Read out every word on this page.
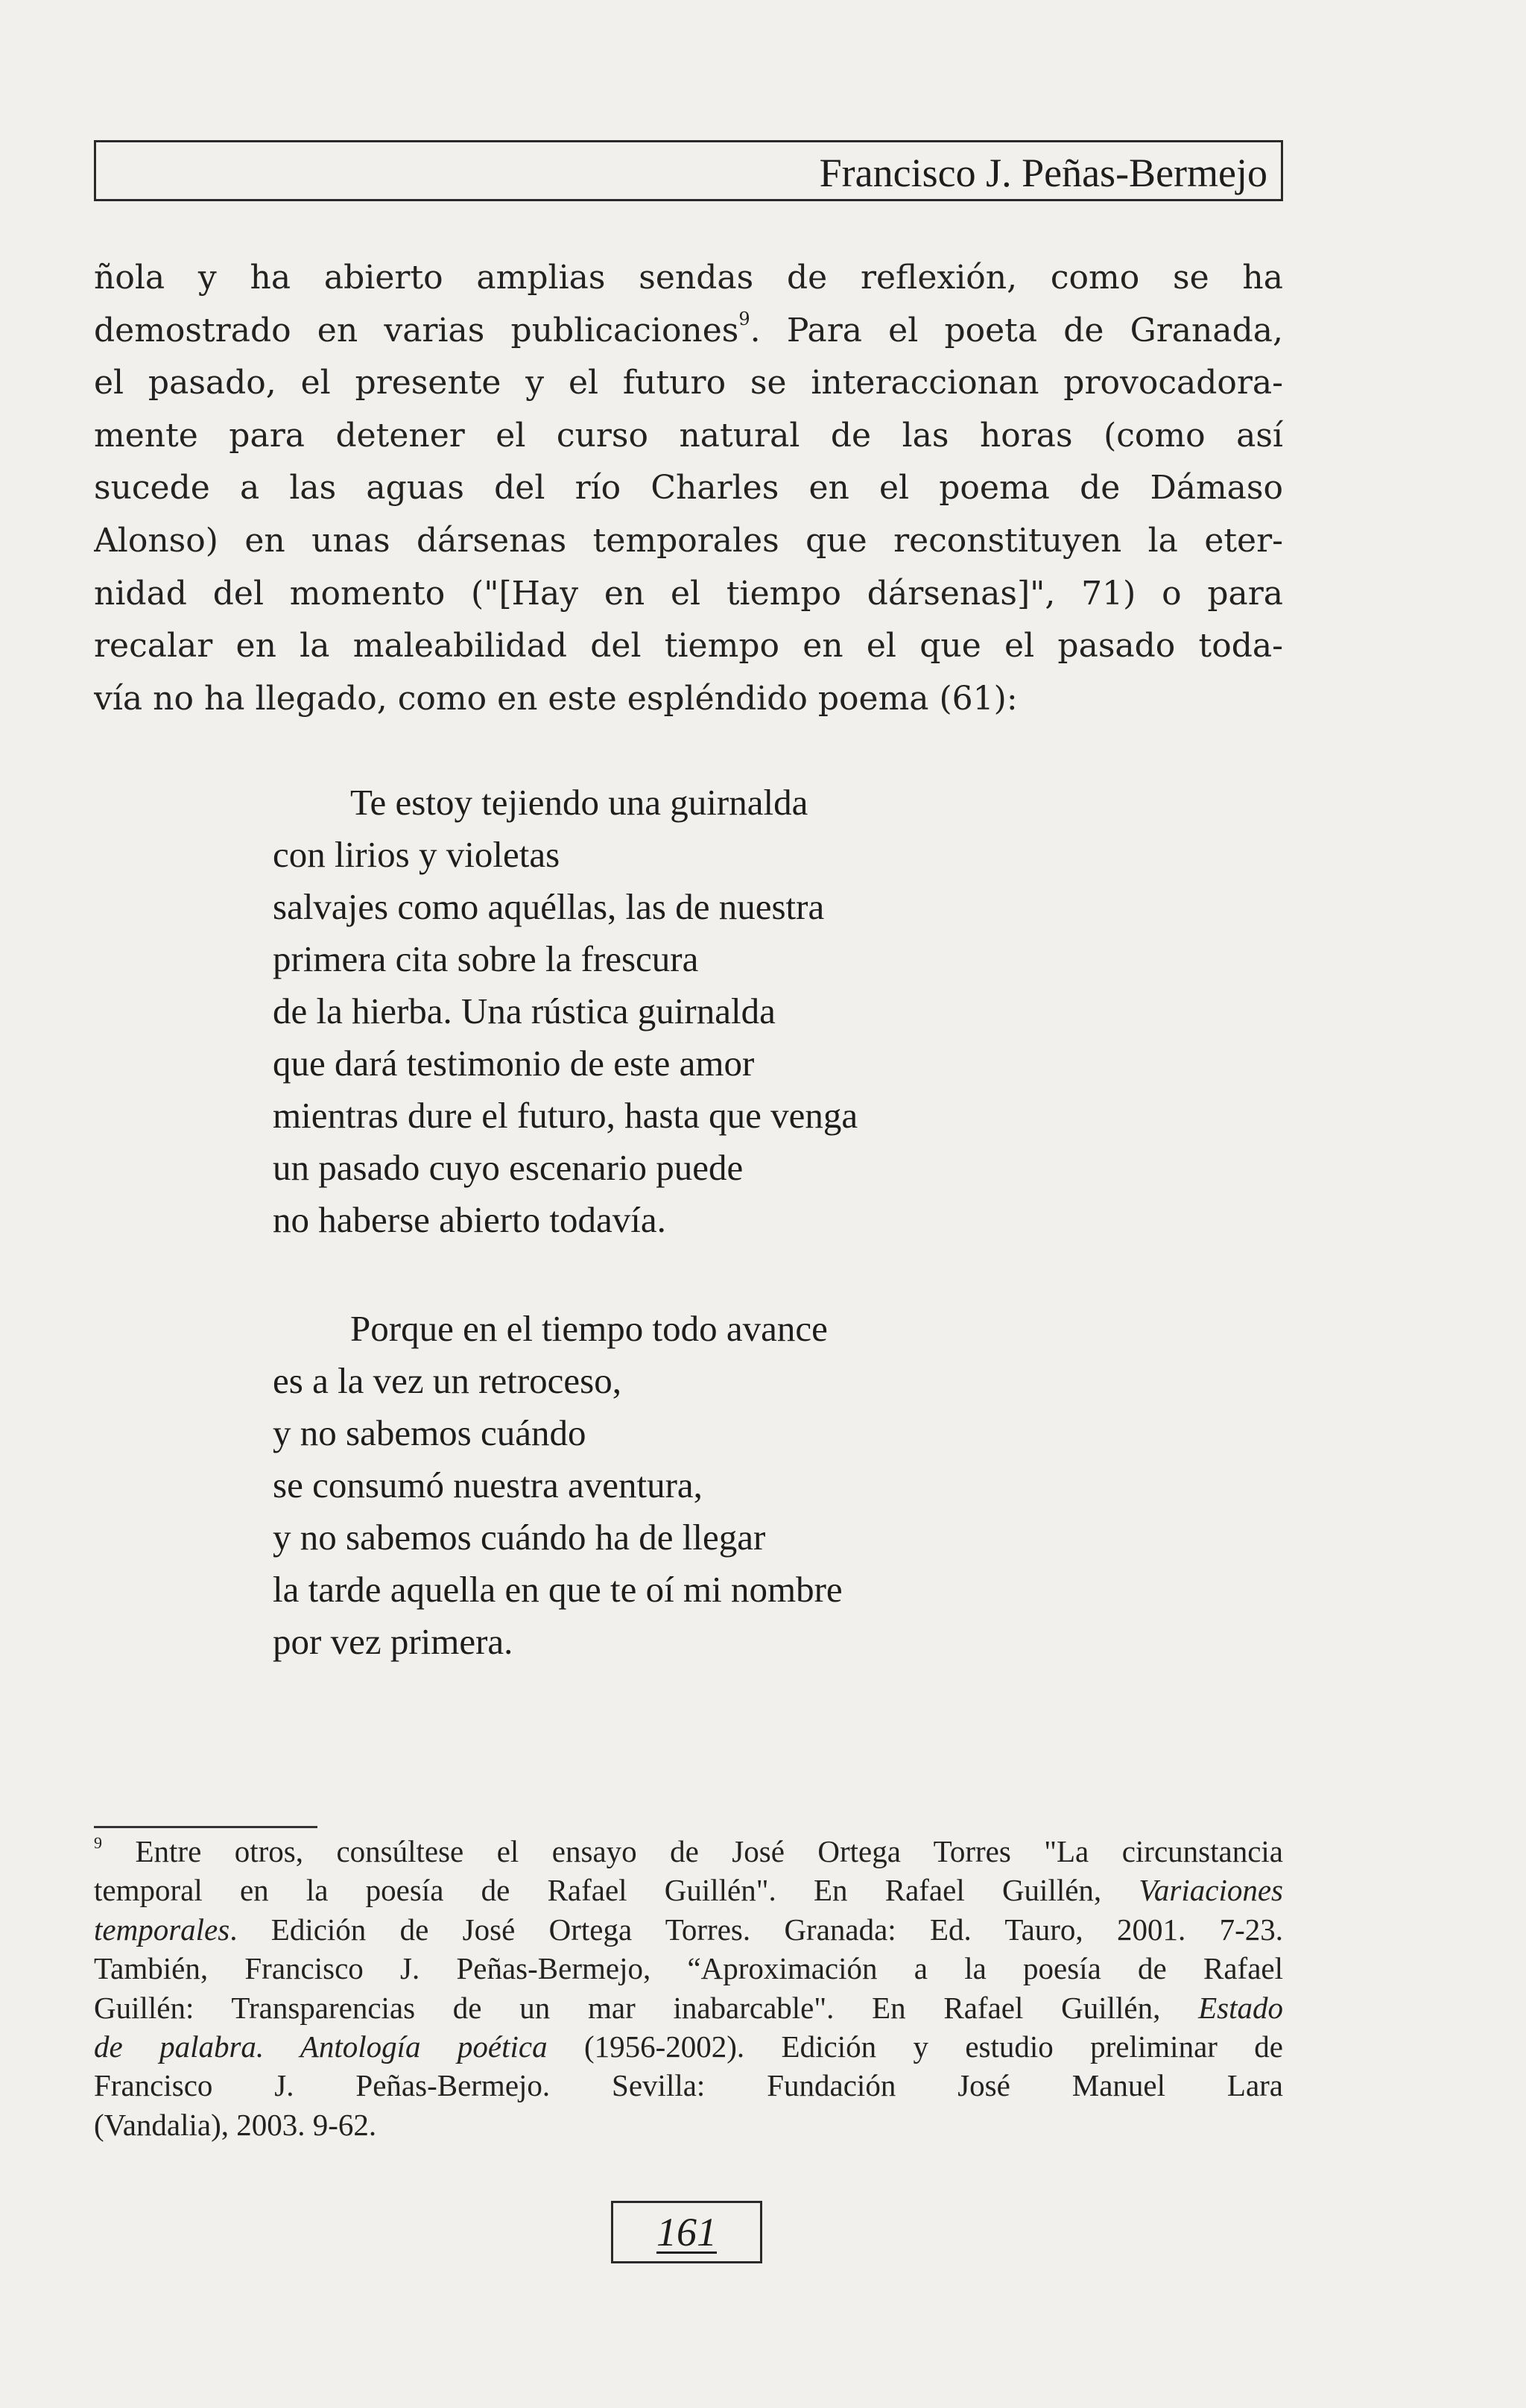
Francisco J. Peñas-Bermejo
ñola y ha abierto amplias sendas de reflexión, como se ha
demostrado en varias publicaciones$^9$. Para el poeta de Granada,
el pasado, el presente y el futuro se interaccionan provocadora-
mente para detener el curso natural de las horas (como así
sucede a las aguas del río Charles en el poema de Dámaso
Alonso) en unas dársenas temporales que reconstituyen la eter-
nidad del momento ("[Hay en el tiempo dársenas]", 71) o para
recalar en la maleabilidad del tiempo en el que el pasado toda-
vía no ha llegado, como en este espléndido poema (61):
Te estoy tejiendo una guirnalda
con lirios y violetas
salvajes como aquéllas, las de nuestra
primera cita sobre la frescura
de la hierba. Una rústica guirnalda
que dará testimonio de este amor
mientras dure el futuro, hasta que venga
un pasado cuyo escenario puede
no haberse abierto todavía.
Porque en el tiempo todo avance
es a la vez un retroceso,
y no sabemos cuándo
se consumó nuestra aventura,
y no sabemos cuándo ha de llegar
la tarde aquella en que te oí mi nombre
por vez primera.
$^9$ Entre otros, consúltese el ensayo de José Ortega Torres "La circunstancia
temporal en la poesía de Rafael Guillén". En Rafael Guillén, Variaciones
temporales. Edición de José Ortega Torres. Granada: Ed. Tauro, 2001. 7-23.
También, Francisco J. Peñas-Bermejo, “Aproximación a la poesía de Rafael
Guillén: Transparencias de un mar inabarcable". En Rafael Guillén, Estado
de palabra. Antología poética (1956-2002). Edición y estudio preliminar de
Francisco J. Peñas-Bermejo. Sevilla: Fundación José Manuel Lara
(Vandalia), 2003. 9-62.
161
